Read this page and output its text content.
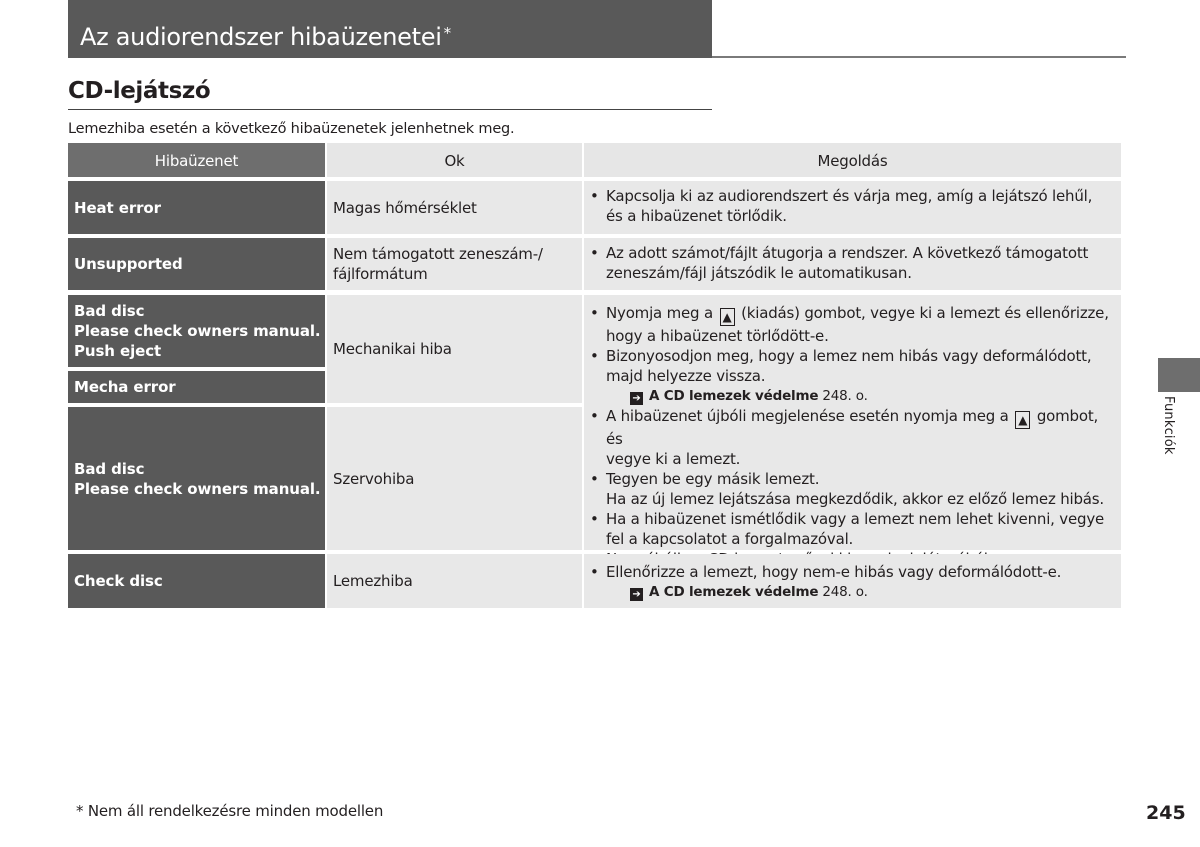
Az audiorendszer hibaüzenetei *
CD-lejátszó
Lemezhiba esetén a következő hibaüzenetek jelenhetnek meg.
Hibaüzenet	Ok	Megoldás
Heat error	Magas hőmérséklet
• Kapcsolja ki az audiorendszert és várja meg, amíg a lejátszó lehűl, és a hibaüzenet törlődik.
Unsupported
Nem támogatott zeneszám-/
fájlformátum
• Az adott számot/fájlt átugorja a rendszer. A következő támogatott zeneszám/fájl játszódik le automatikusan.
Bad disc
Please check owners manual.
Push eject
Mecha error
Mechanikai hiba
Bad disc
Please check owners manual.
Szervohiba
• Nyomja meg a ▲ (kiadás) gombot, vegye ki a lemezt és ellenőrizze,
hogy a hibaüzenet törlődött-e.
• Bizonyosodjon meg, hogy a lemez nem hibás vagy deformálódott, majd helyezze vissza.
➔ A CD lemezek védelme 248. o.
• A hibaüzenet újbóli megjelenése esetén nyomja meg a ▲ gombot, és
vegye ki a lemezt.
• Tegyen be egy másik lemezt.
Ha az új lemez lejátszása megkezdődik, akkor ez előző lemez hibás.
• Ha a hibaüzenet ismétlődik vagy a lemezt nem lehet kivenni, vegye fel a kapcsolatot a forgalmazóval.

Check disc	Lemezhiba
•	Ellenőrizze a lemezt, hogy nem-e hibás vagy deformálódott-e.
➔ A CD lemezek védelme 248. o.
Funkciók
* Nem áll rendelkezésre minden modellen	245
